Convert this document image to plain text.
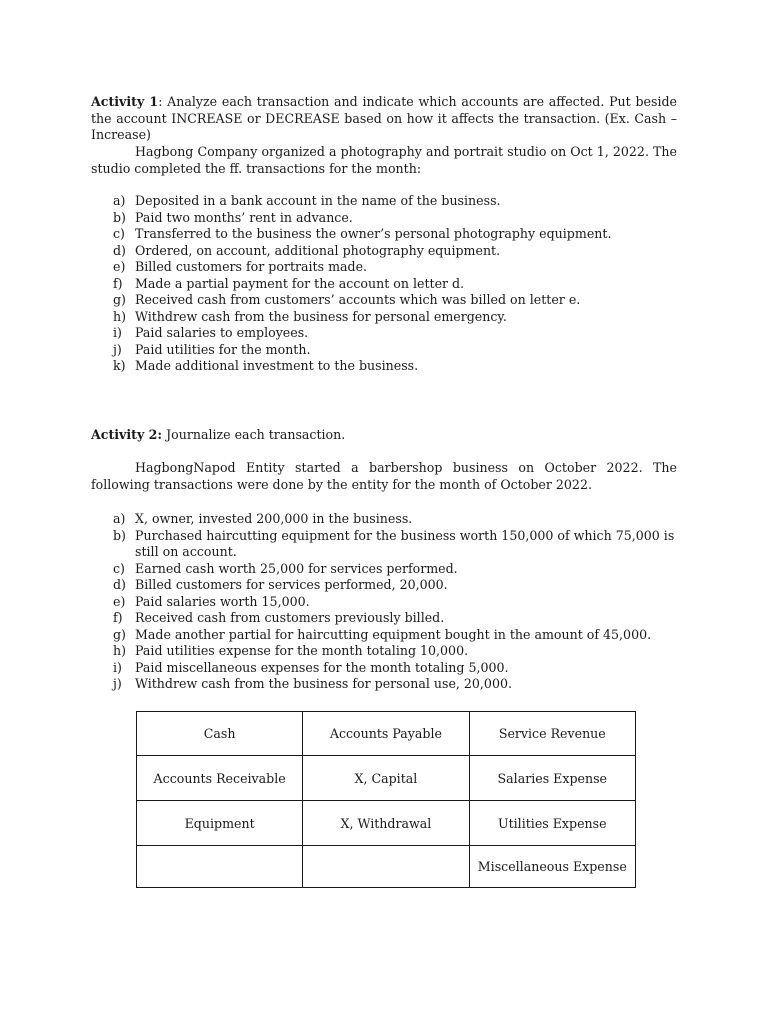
Activity 1: Analyze each transaction and indicate which accounts are affected. Put beside the account INCREASE or DECREASE based on how it affects the transaction. (Ex. Cash – Increase)
Hagbong Company organized a photography and portrait studio on Oct 1, 2022. The studio completed the ff. transactions for the month:
a) Deposited in a bank account in the name of the business.
b) Paid two months’ rent in advance.
c) Transferred to the business the owner’s personal photography equipment.
d) Ordered, on account, additional photography equipment.
e) Billed customers for portraits made.
f) Made a partial payment for the account on letter d.
g) Received cash from customers’ accounts which was billed on letter e.
h) Withdrew cash from the business for personal emergency.
i) Paid salaries to employees.
j) Paid utilities for the month.
k) Made additional investment to the business.
Activity 2: Journalize each transaction.
HagbongNapod Entity started a barbershop business on October 2022. The following transactions were done by the entity for the month of October 2022.
a) X, owner, invested 200,000 in the business.
b) Purchased haircutting equipment for the business worth 150,000 of which 75,000 is still on account.
c) Earned cash worth 25,000 for services performed.
d) Billed customers for services performed, 20,000.
e) Paid salaries worth 15,000.
f) Received cash from customers previously billed.
g) Made another partial for haircutting equipment bought in the amount of 45,000.
h) Paid utilities expense for the month totaling 10,000.
i) Paid miscellaneous expenses for the month totaling 5,000.
j) Withdrew cash from the business for personal use, 20,000.
Cash	Accounts Payable	Service Revenue
Accounts Receivable	X, Capital	Salaries Expense
Equipment	X, Withdrawal	Utilities Expense
		Miscellaneous Expense
